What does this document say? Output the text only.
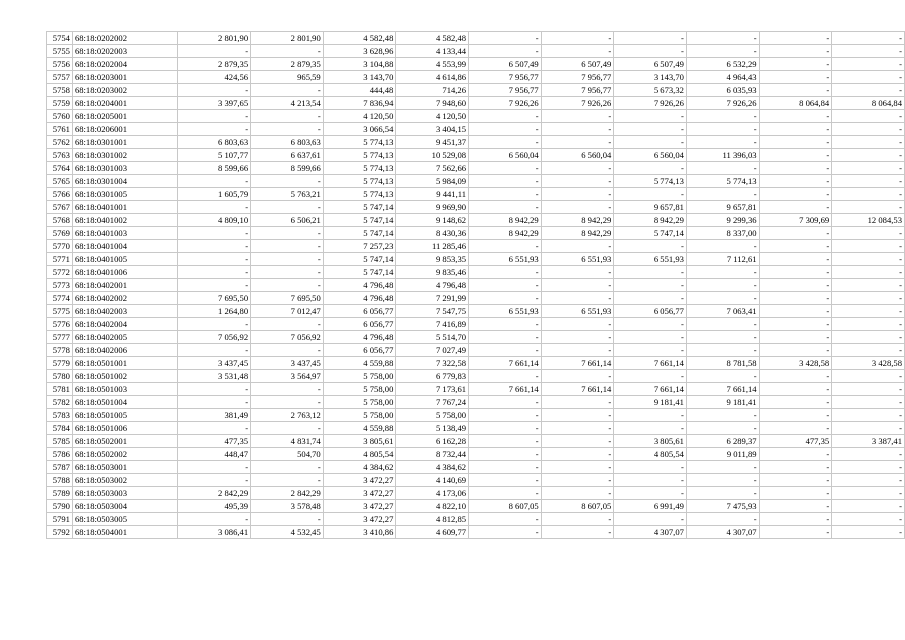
5754	68:18:0202002	2 801,90	2 801,90	4 582,48	4 582,48	-	-	-	-	-	-
5755	68:18:0202003	-	-	3 628,96	4 133,44	-	-	-	-	-	-
5756	68:18:0202004	2 879,35	2 879,35	3 104,88	4 553,99	6 507,49	6 507,49	6 507,49	6 532,29	-	-
5757	68:18:0203001	424,56	965,59	3 143,70	4 614,86	7 956,77	7 956,77	3 143,70	4 964,43	-	-
5758	68:18:0203002	-	-	444,48	714,26	7 956,77	7 956,77	5 673,32	6 035,93	-	-
5759	68:18:0204001	3 397,65	4 213,54	7 836,94	7 948,60	7 926,26	7 926,26	7 926,26	7 926,26	8 064,84	8 064,84
5760	68:18:0205001	-	-	4 120,50	4 120,50	-	-	-	-	-	-
5761	68:18:0206001	-	-	3 066,54	3 404,15	-	-	-	-	-	-
5762	68:18:0301001	6 803,63	6 803,63	5 774,13	9 451,37	-	-	-	-	-	-
5763	68:18:0301002	5 107,77	6 637,61	5 774,13	10 529,08	6 560,04	6 560,04	6 560,04	11 396,03	-	-
5764	68:18:0301003	8 599,66	8 599,66	5 774,13	7 562,66	-	-	-	-	-	-
5765	68:18:0301004	-	-	5 774,13	5 984,09	-	-	5 774,13	5 774,13	-	-
5766	68:18:0301005	1 605,79	5 763,21	5 774,13	9 441,11	-	-	-	-	-	-
5767	68:18:0401001	-	-	5 747,14	9 969,90	-	-	9 657,81	9 657,81	-	-
5768	68:18:0401002	4 809,10	6 506,21	5 747,14	9 148,62	8 942,29	8 942,29	8 942,29	9 299,36	7 309,69	12 084,53
5769	68:18:0401003	-	-	5 747,14	8 430,36	8 942,29	8 942,29	5 747,14	8 337,00	-	-
5770	68:18:0401004	-	-	7 257,23	11 285,46	-	-	-	-	-	-
5771	68:18:0401005	-	-	5 747,14	9 853,35	6 551,93	6 551,93	6 551,93	7 112,61	-	-
5772	68:18:0401006	-	-	5 747,14	9 835,46	-	-	-	-	-	-
5773	68:18:0402001	-	-	4 796,48	4 796,48	-	-	-	-	-	-
5774	68:18:0402002	7 695,50	7 695,50	4 796,48	7 291,99	-	-	-	-	-	-
5775	68:18:0402003	1 264,80	7 012,47	6 056,77	7 547,75	6 551,93	6 551,93	6 056,77	7 063,41	-	-
5776	68:18:0402004	-	-	6 056,77	7 416,89	-	-	-	-	-	-
5777	68:18:0402005	7 056,92	7 056,92	4 796,48	5 514,70	-	-	-	-	-	-
5778	68:18:0402006	-	-	6 056,77	7 027,49	-	-	-	-	-	-
5779	68:18:0501001	3 437,45	3 437,45	4 559,88	7 322,58	7 661,14	7 661,14	7 661,14	8 781,58	3 428,58	3 428,58
5780	68:18:0501002	3 531,48	3 564,97	5 758,00	6 779,83	-	-	-	-	-	-
5781	68:18:0501003	-	-	5 758,00	7 173,61	7 661,14	7 661,14	7 661,14	7 661,14	-	-
5782	68:18:0501004	-	-	5 758,00	7 767,24	-	-	9 181,41	9 181,41	-	-
5783	68:18:0501005	381,49	2 763,12	5 758,00	5 758,00	-	-	-	-	-	-
5784	68:18:0501006	-	-	4 559,88	5 138,49	-	-	-	-	-	-
5785	68:18:0502001	477,35	4 831,74	3 805,61	6 162,28	-	-	3 805,61	6 289,37	477,35	3 387,41
5786	68:18:0502002	448,47	504,70	4 805,54	8 732,44	-	-	4 805,54	9 011,89	-	-
5787	68:18:0503001	-	-	4 384,62	4 384,62	-	-	-	-	-	-
5788	68:18:0503002	-	-	3 472,27	4 140,69	-	-	-	-	-	-
5789	68:18:0503003	2 842,29	2 842,29	3 472,27	4 173,06	-	-	-	-	-	-
5790	68:18:0503004	495,39	3 578,48	3 472,27	4 822,10	8 607,05	8 607,05	6 991,49	7 475,93	-	-
5791	68:18:0503005	-	-	3 472,27	4 812,85	-	-	-	-	-	-
5792	68:18:0504001	3 086,41	4 532,45	3 410,86	4 609,77	-	-	4 307,07	4 307,07	-	-
